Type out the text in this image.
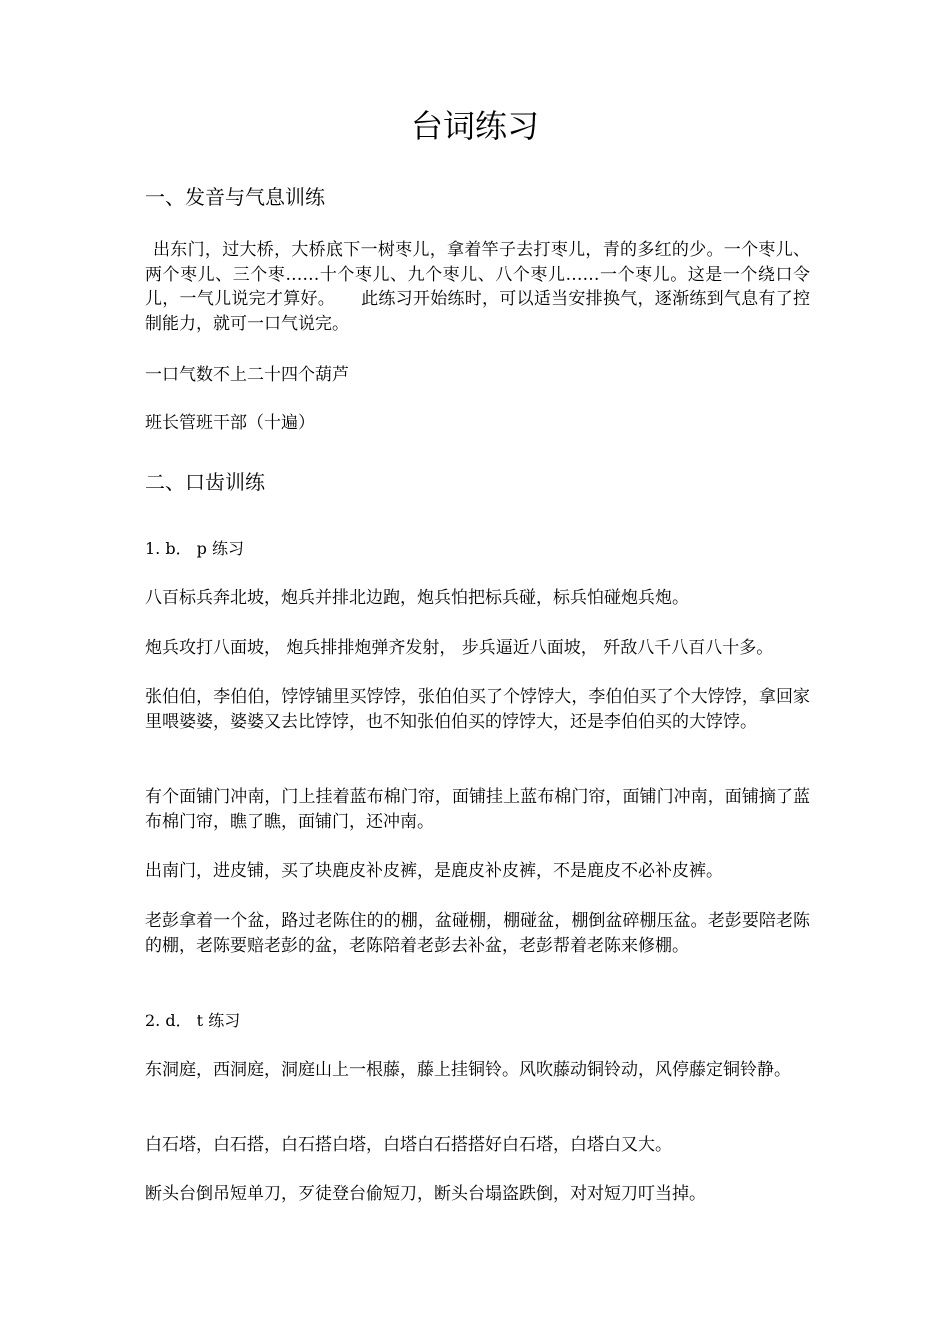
台词练习
一、发音与气息训练

出东门，过大桥，大桥底下一树枣儿，拿着竿子去打枣儿，青的多红的少。一个枣儿、两个枣儿、三个枣……十个枣儿、九个枣儿、八个枣儿……一个枣儿。这是一个绕口令儿，一气儿说完才算好。　　此练习开始练时，可以适当安排换气，逐渐练到气息有了控制能力，就可一口气说完。

一口气数不上二十四个葫芦
班长管班干部（十遍）
二、口齿训练
1. b． p 练习

八百标兵奔北坡，炮兵并排北边跑，炮兵怕把标兵碰，标兵怕碰炮兵炮。

炮兵攻打八面坡， 炮兵排排炮弹齐发射， 步兵逼近八面坡， 歼敌八千八百八十多。

张伯伯，李伯伯，饽饽铺里买饽饽，张伯伯买了个饽饽大，李伯伯买了个大饽饽，拿回家里喂婆婆，婆婆又去比饽饽，也不知张伯伯买的饽饽大，还是李伯伯买的大饽饽。

有个面铺门冲南，门上挂着蓝布棉门帘，面铺挂上蓝布棉门帘，面铺门冲南，面铺摘了蓝布棉门帘，瞧了瞧，面铺门，还冲南。

出南门，进皮铺，买了块鹿皮补皮裤，是鹿皮补皮裤，不是鹿皮不必补皮裤。

老彭拿着一个盆，路过老陈住的的棚，盆碰棚，棚碰盆，棚倒盆碎棚压盆。老彭要陪老陈的棚，老陈要赔老彭的盆，老陈陪着老彭去补盆，老彭帮着老陈来修棚。

2. d． t 练习

东洞庭，西洞庭，洞庭山上一根藤，藤上挂铜铃。风吹藤动铜铃动，风停藤定铜铃静。

白石塔，白石搭，白石搭白塔，白塔白石搭搭好白石塔，白塔白又大。

断头台倒吊短单刀，歹徒登台偷短刀，断头台塌盗跌倒，对对短刀叮当掉。
